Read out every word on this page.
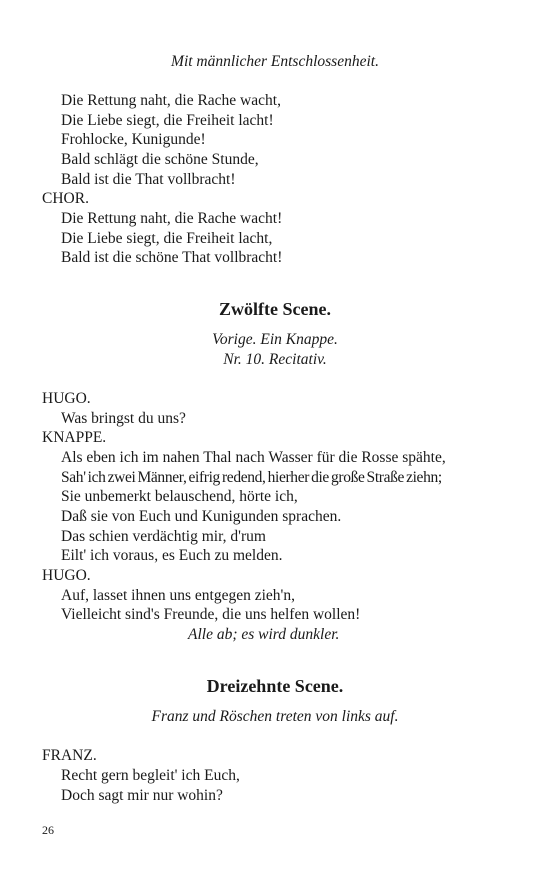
Mit männlicher Entschlossenheit.
Die Rettung naht, die Rache wacht,
Die Liebe siegt, die Freiheit lacht!
Frohlocke, Kunigunde!
Bald schlägt die schöne Stunde,
Bald ist die That vollbracht!
CHOR.
Die Rettung naht, die Rache wacht!
Die Liebe siegt, die Freiheit lacht,
Bald ist die schöne That vollbracht!
Zwölfte Scene.
Vorige. Ein Knappe.
Nr. 10. Recitativ.
HUGO.
Was bringst du uns?
KNAPPE.
Als eben ich im nahen Thal nach Wasser für die Rosse spähte,
Sah' ich zwei Männer, eifrig redend, hierher die große Straße ziehn;
Sie unbemerkt belauschend, hörte ich,
Daß sie von Euch und Kunigunden sprachen.
Das schien verdächtig mir, d'rum
Eilt' ich voraus, es Euch zu melden.
HUGO.
Auf, lasset ihnen uns entgegen zieh'n,
Vielleicht sind's Freunde, die uns helfen wollen!
Alle ab; es wird dunkler.
Dreizehnte Scene.
Franz und Röschen treten von links auf.
FRANZ.
Recht gern begleit' ich Euch,
Doch sagt mir nur wohin?
26
